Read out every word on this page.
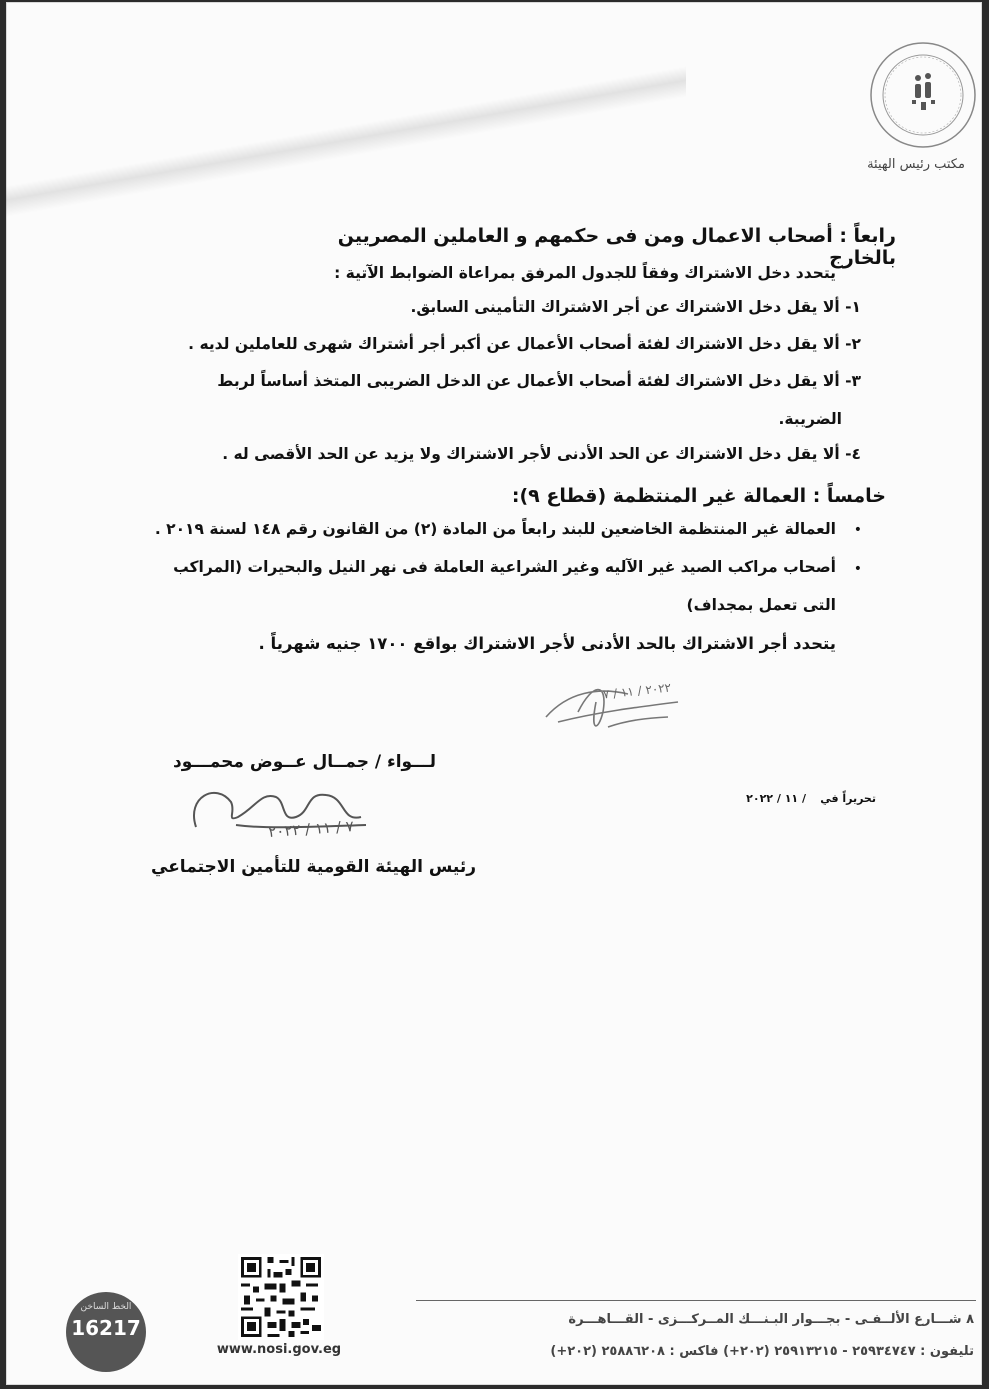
مكتب رئيس الهيئة
رابعاً : أصحاب الاعمال ومن فى حكمهم و العاملين المصريين بالخارج
يتحدد دخل الاشتراك وفقاً للجدول المرفق بمراعاة الضوابط الآتية :
١- ألا يقل دخل الاشتراك عن أجر الاشتراك التأمينى السابق.
٢- ألا يقل دخل الاشتراك لفئة أصحاب الأعمال عن أكبر أجر أشتراك شهرى للعاملين لديه .
٣- ألا يقل دخل الاشتراك لفئة أصحاب الأعمال عن الدخل الضريبى المتخذ أساساً لربط
الضريبة.
٤- ألا يقل دخل الاشتراك عن الحد الأدنى لأجر الاشتراك ولا يزيد عن الحد الأقصى له .
خامساً : العمالة غير المنتظمة (قطاع ٩):
•
العمالة غير المنتظمة الخاضعين للبند رابعاً من المادة (٢) من القانون رقم ١٤٨ لسنة ٢٠١٩ .
•
أصحاب مراكب الصيد غير الآليه وغير الشراعية العاملة فى نهر النيل والبحيرات (المراكب
التى تعمل بمجداف)
يتحدد أجر الاشتراك بالحد الأدنى لأجر الاشتراك بواقع ١٧٠٠ جنيه شهرياً .
٢٠٢٢ / ١١ / ٧
لـــواء / جمــال عــوض محمـــود
تحريراً في
/ ١١ / ٢٠٢٢
٧ / ١١ / ٢٠٢٢
رئيس الهيئة القومية للتأمين الاجتماعي
الخط الساخن
16217
www.nosi.gov.eg
٨ شـــارع الألــفـى - بجـــوار البـنـــك المــركـــزى - القـــاهـــرة
تليفون : ٢٥٩٣٤٧٤٧ - ٢٥٩١٣٢١٥ (٢٠٢+) فاكس : ٢٥٨٨٦٢٠٨ (٢٠٢+)
